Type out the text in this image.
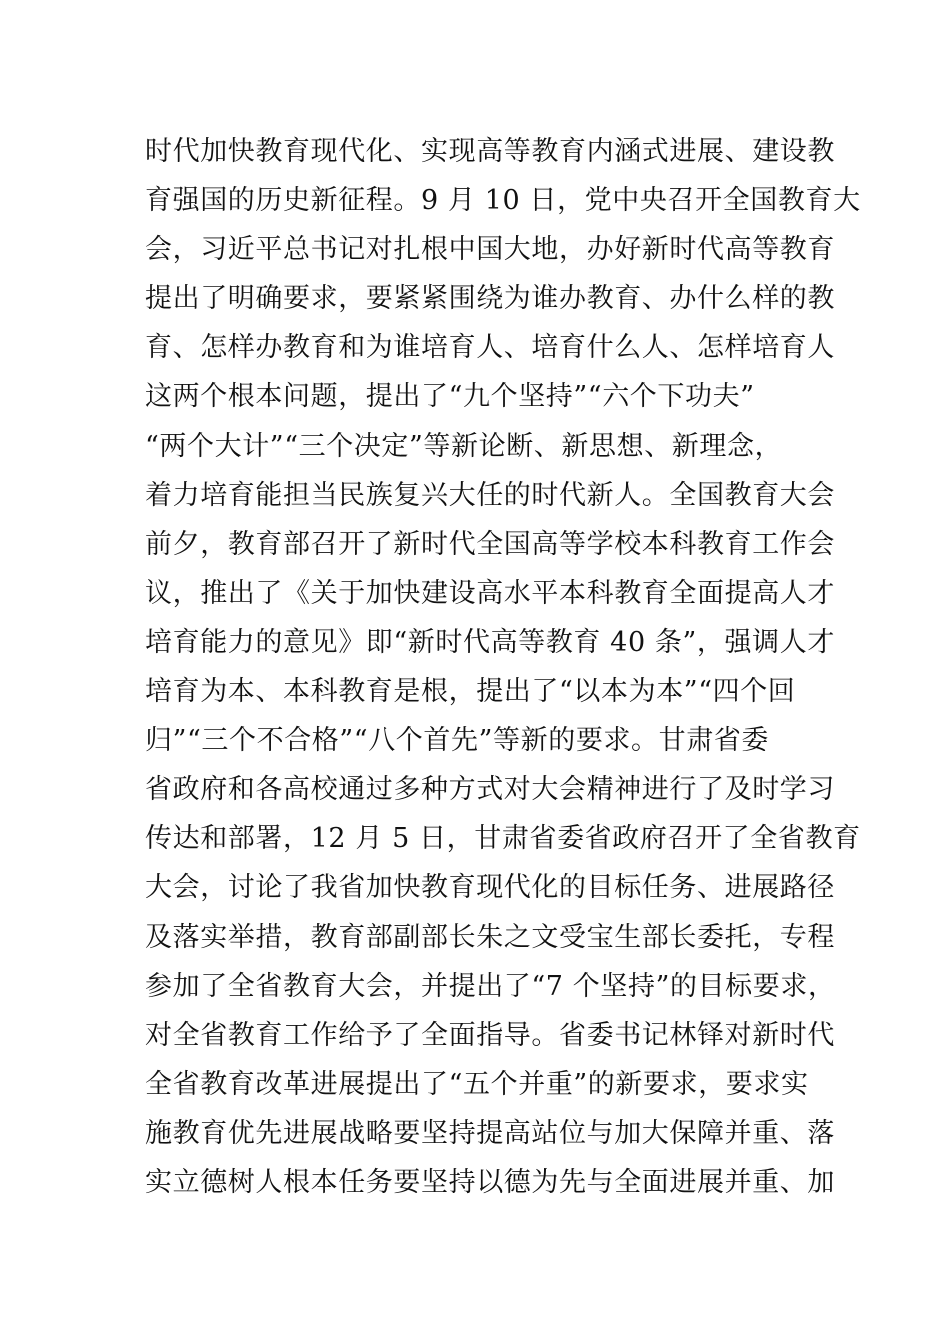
时代加快教育现代化、实现高等教育内涵式进展、建设教
育强国的历史新征程。9 月 10 日，党中央召开全国教育大
会，习近平总书记对扎根中国大地，办好新时代高等教育
提出了明确要求，要紧紧围绕为谁办教育、办什么样的教
育、怎样办教育和为谁培育人、培育什么人、怎样培育人
这两个根本问题，提出了“九个坚持”“六个下功夫”
“两个大计”“三个决定”等新论断、新思想、新理念，
着力培育能担当民族复兴大任的时代新人。全国教育大会
前夕，教育部召开了新时代全国高等学校本科教育工作会
议，推出了《关于加快建设高水平本科教育全面提高人才
培育能力的意见》即“新时代高等教育 40 条”，强调人才
培育为本、本科教育是根，提出了“以本为本”“四个回
归”“三个不合格”“八个首先”等新的要求。甘肃省委
省政府和各高校通过多种方式对大会精神进行了及时学习
传达和部署，12 月 5 日，甘肃省委省政府召开了全省教育
大会，讨论了我省加快教育现代化的目标任务、进展路径
及落实举措，教育部副部长朱之文受宝生部长委托，专程
参加了全省教育大会，并提出了“7 个坚持”的目标要求，
对全省教育工作给予了全面指导。省委书记林铎对新时代
全省教育改革进展提出了“五个并重”的新要求，要求实
施教育优先进展战略要坚持提高站位与加大保障并重、落
实立德树人根本任务要坚持以德为先与全面进展并重、加
